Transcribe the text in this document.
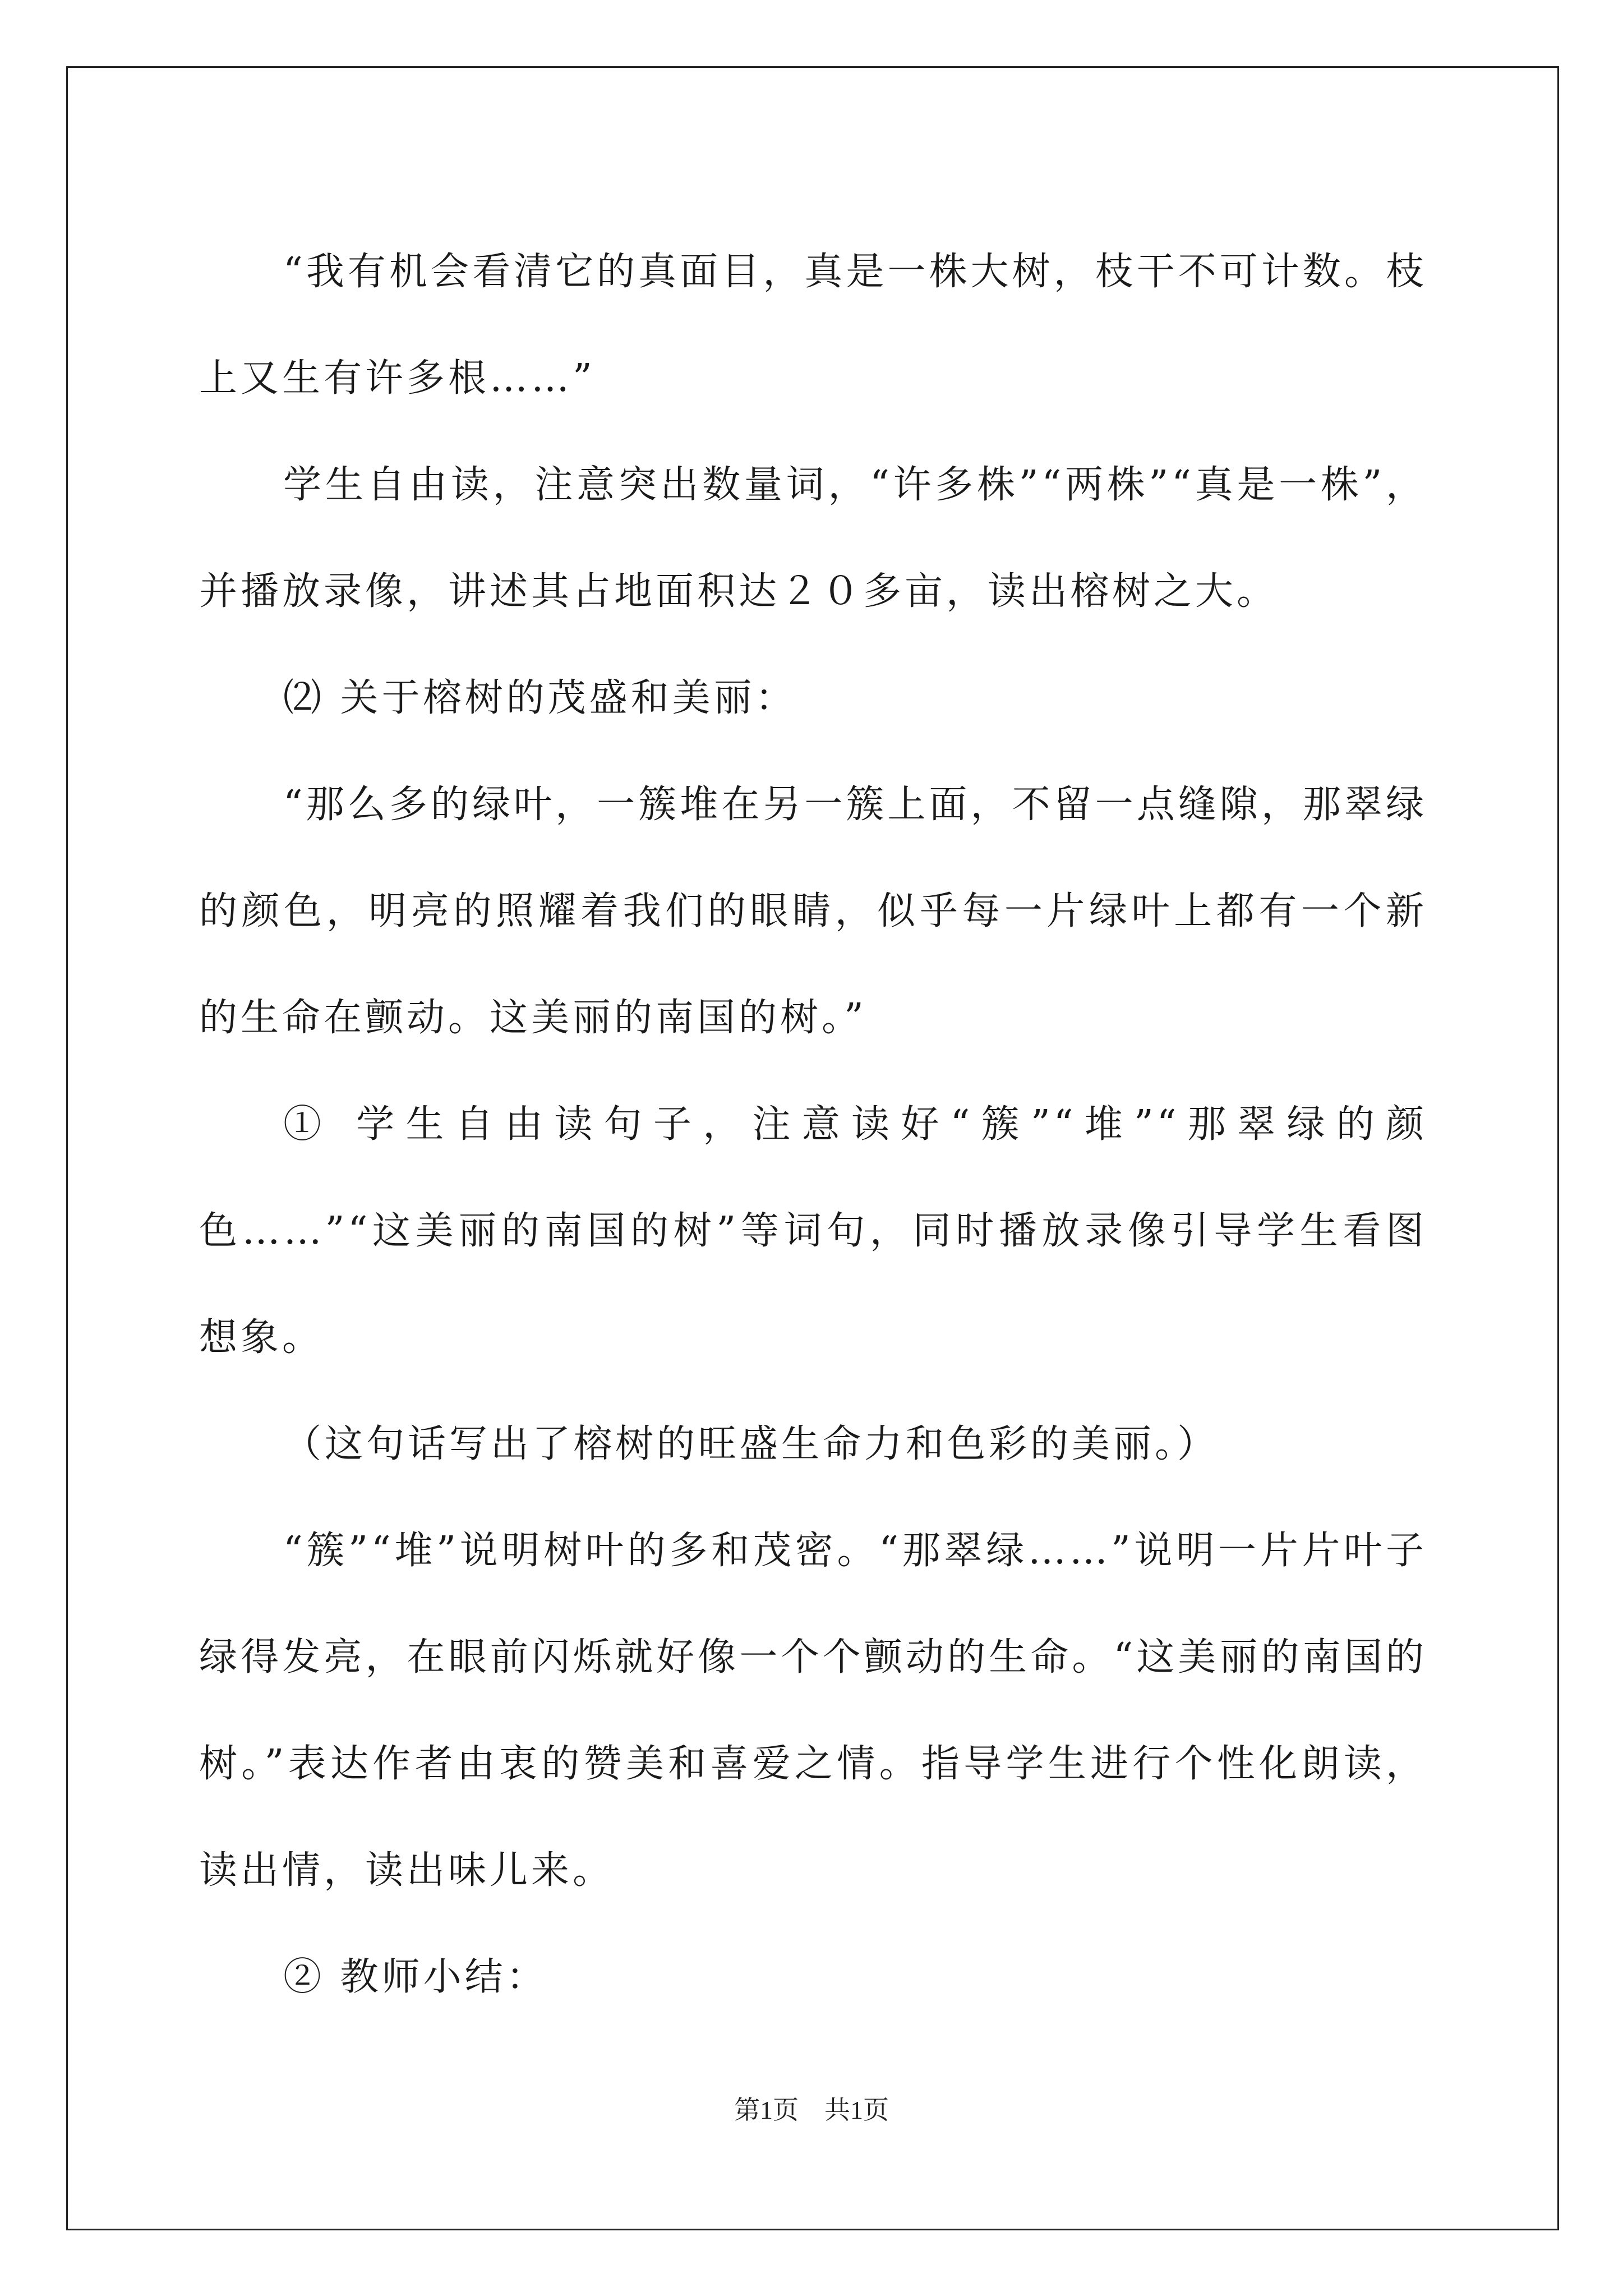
“我有机会看清它的真面目，真是一株大树，枝干不可计数。枝上又生有许多根……”

学生自由读，注意突出数量词，“许多株”“两株”“真是一株”，并播放录像，讲述其占地面积达２０多亩，读出榕树之大。

⑵ 关于榕树的茂盛和美丽：

“那么多的绿叶，一簇堆在另一簇上面，不留一点缝隙，那翠绿的颜色，明亮的照耀着我们的眼睛，似乎每一片绿叶上都有一个新的生命在颤动。这美丽的南国的树。”

① 学生自由读句子，注意读好“簇”“堆”“那翠绿的颜色……”“这美丽的南国的树”等词句，同时播放录像引导学生看图想象。

（这句话写出了榕树的旺盛生命力和色彩的美丽。）

“簇”“堆”说明树叶的多和茂密。“那翠绿……”说明一片片叶子绿得发亮，在眼前闪烁就好像一个个颤动的生命。“这美丽的南国的树。”表达作者由衷的赞美和喜爱之情。指导学生进行个性化朗读，读出情，读出味儿来。

② 教师小结：

第1页　共1页
